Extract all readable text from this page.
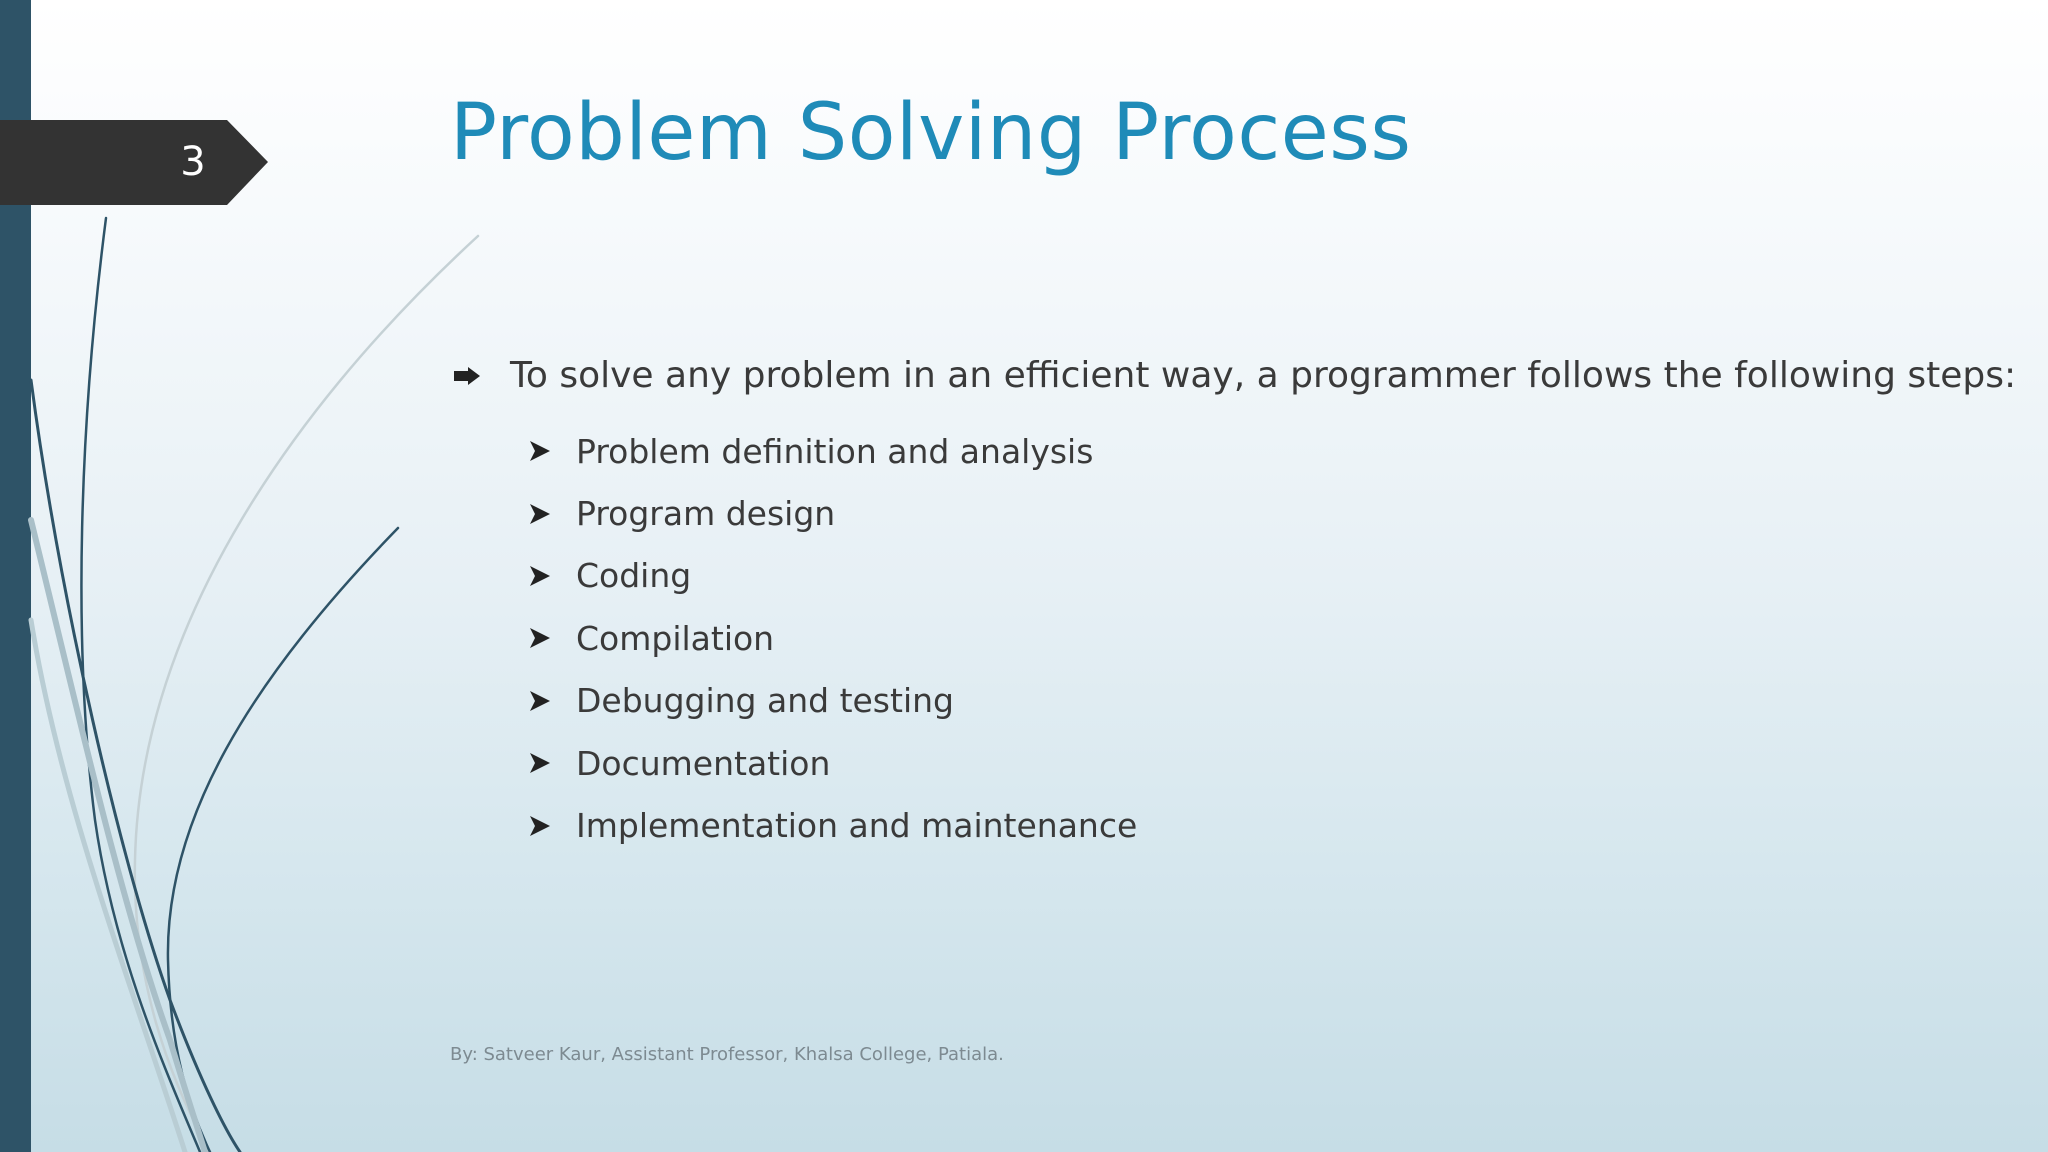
3	Problem Solving Process
To solve any problem in an efficient way, a programmer follows the following steps:
Problem definition and analysis
Program design
Coding
Compilation
Debugging and testing
Documentation
Implementation and maintenance
By: Satveer Kaur, Assistant Professor, Khalsa College, Patiala.
